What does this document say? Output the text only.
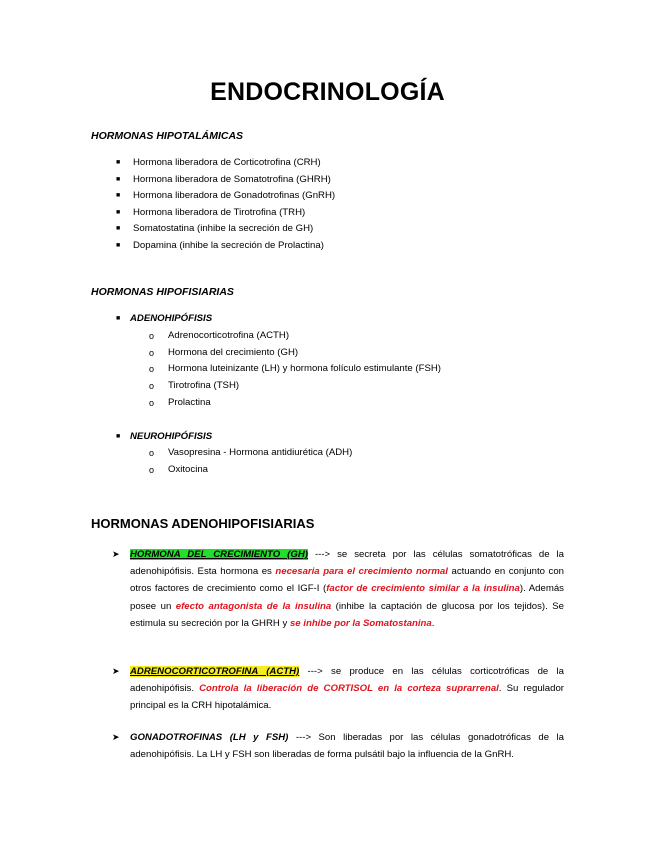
ENDOCRINOLOGÍA
HORMONAS HIPOTALÁMICAS
■ Hormona liberadora de Corticotrofina (CRH)
■ Hormona liberadora de Somatotrofina (GHRH)
■ Hormona liberadora de Gonadotrofinas (GnRH)
■ Hormona liberadora de Tirotrofina (TRH)
■ Somatostatina (inhibe la secreción de GH)
■ Dopamina (inhibe la secreción de Prolactina)
HORMONAS HIPOFISIARIAS
■ ADENOHIPÓFISIS
o Adrenocorticotrofina (ACTH)
o Hormona del crecimiento (GH)
o Hormona luteinizante (LH) y hormona folículo estimulante (FSH)
o Tirotrofina (TSH)
o Prolactina
■ NEUROHIPÓFISIS
o Vasopresina - Hormona antidiurética (ADH)
o Oxitocina
HORMONAS ADENOHIPOFISIARIAS
➤ HORMONA DEL CRECIMIENTO (GH) ---> se secreta por las células somatotróficas de la adenohipófisis. Esta hormona es necesaria para el crecimiento normal actuando en conjunto con otros factores de crecimiento como el IGF-I (factor de crecimiento similar a la insulina). Además posee un efecto antagonista de la insulina (inhibe la captación de glucosa por los tejidos). Se estimula su secreción por la GHRH y se inhibe por la Somatostanina.
➤ ADRENOCORTICOTROFINA (ACTH) ---> se produce en las células corticotróficas de la adenohipófisis. Controla la liberación de CORTISOL en la corteza suprarrenal. Su regulador principal es la CRH hipotalámica.
➤ GONADOTROFINAS (LH y FSH) ---> Son liberadas por las células gonadotróficas de la adenohipófisis. La LH y FSH son liberadas de forma pulsátil bajo la influencia de la GnRH.
